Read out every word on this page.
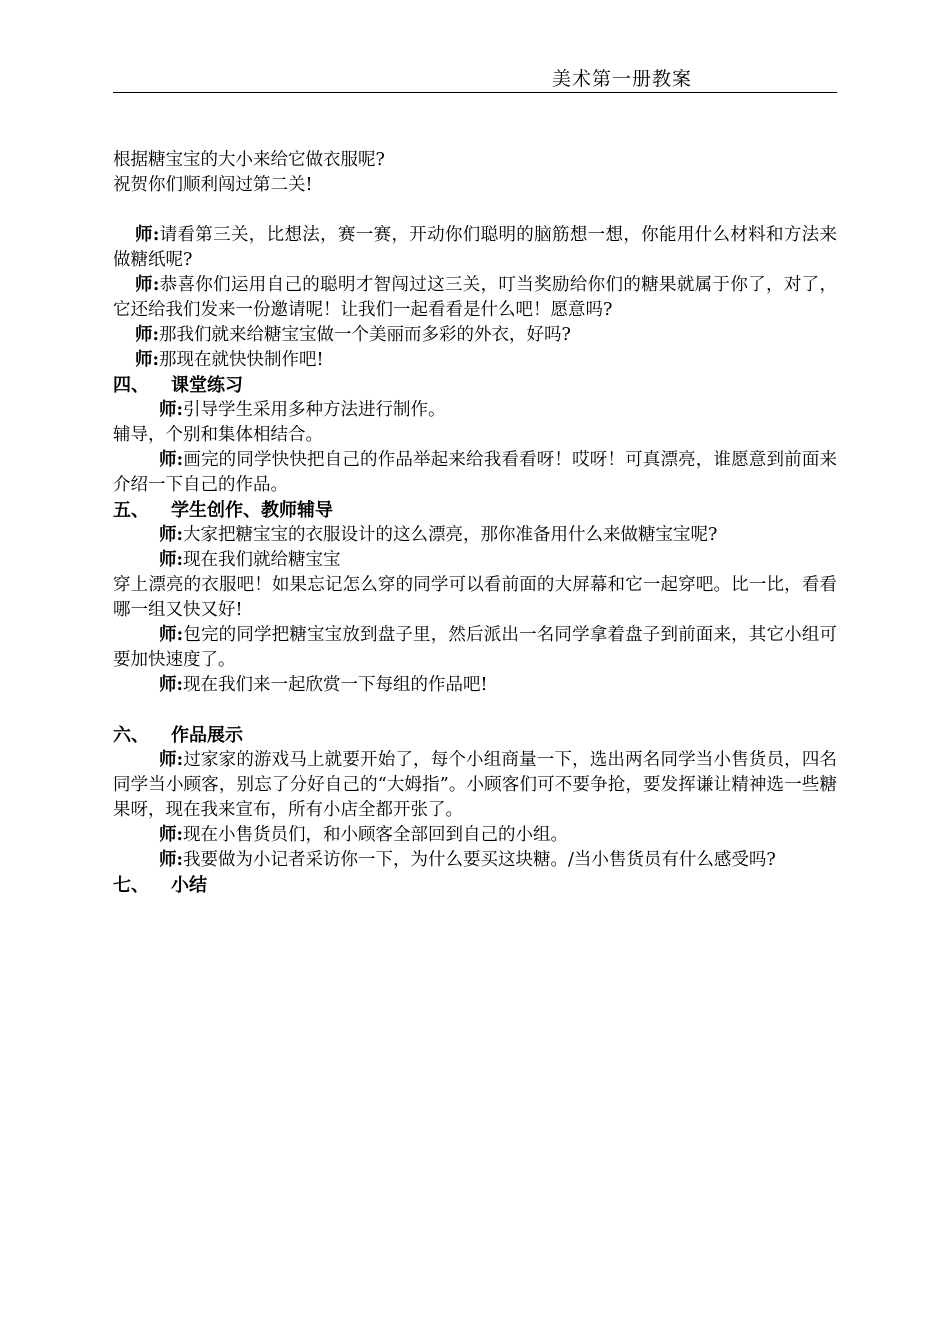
美术第一册教案

根据糖宝宝的大小来给它做衣服呢?

祝贺你们顺利闯过第二关!

师:请看第三关，比想法，赛一赛，开动你们聪明的脑筋想一想，你能用什么材料和方法来做糖纸呢?

师:恭喜你们运用自己的聪明才智闯过这三关，叮当奖励给你们的糖果就属于你了，对了，它还给我们发来一份邀请呢！让我们一起看看是什么吧！愿意吗?

师:那我们就来给糖宝宝做一个美丽而多彩的外衣，好吗?

师:那现在就快快制作吧!

四、 课堂练习

师:引导学生采用多种方法进行制作。

辅导，个别和集体相结合。

师:画完的同学快快把自己的作品举起来给我看看呀！哎呀！可真漂亮，谁愿意到前面来介绍一下自己的作品。

五、 学生创作、教师辅导

师:大家把糖宝宝的衣服设计的这么漂亮，那你准备用什么来做糖宝宝呢?

师:现在我们就给糖宝宝

穿上漂亮的衣服吧！如果忘记怎么穿的同学可以看前面的大屏幕和它一起穿吧。比一比，看看哪一组又快又好!

师:包完的同学把糖宝宝放到盘子里，然后派出一名同学拿着盘子到前面来，其它小组可要加快速度了。

师:现在我们来一起欣赏一下每组的作品吧!

六、 作品展示

师:过家家的游戏马上就要开始了，每个小组商量一下，选出两名同学当小售货员，四名同学当小顾客，别忘了分好自己的“大姆指”。小顾客们可不要争抢，要发挥谦让精神选一些糖果呀，现在我来宣布，所有小店全都开张了。

师:现在小售货员们，和小顾客全部回到自己的小组。

师:我要做为小记者采访你一下，为什么要买这块糖。/当小售货员有什么感受吗?

七、 小结
